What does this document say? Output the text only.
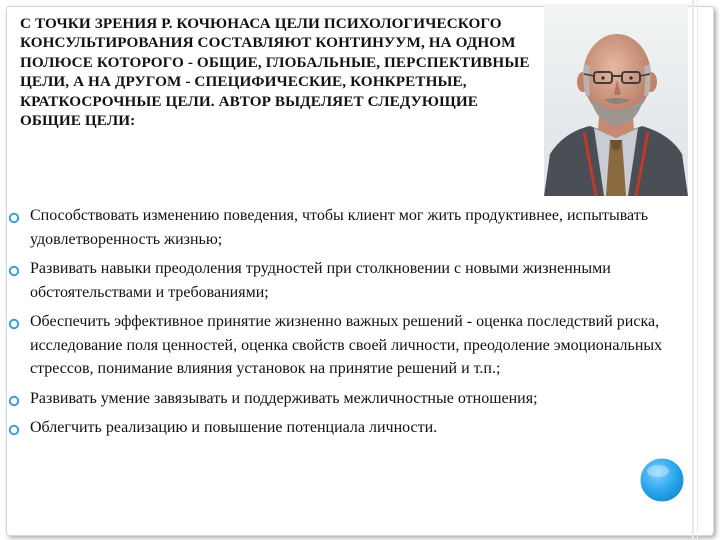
С ТОЧКИ ЗРЕНИЯ Р. КОЧЮНАСА ЦЕЛИ ПСИХОЛОГИЧЕСКОГО КОНСУЛЬТИРОВАНИЯ СОСТАВЛЯЮТ КОНТИНУУМ, НА ОДНОМ ПОЛЮСЕ КОТОРОГО - ОБЩИЕ, ГЛОБАЛЬНЫЕ, ПЕРСПЕКТИВНЫЕ ЦЕЛИ, А НА ДРУГОМ - СПЕЦИФИЧЕСКИЕ, КОНКРЕТНЫЕ, КРАТКОСРОЧНЫЕ ЦЕЛИ. АВТОР ВЫДЕЛЯЕТ СЛЕДУЮЩИЕ ОБЩИЕ ЦЕЛИ:
Способствовать изменению поведения, чтобы клиент мог жить продуктивнее, испытывать удовлетворенность жизнью;
Развивать навыки преодоления трудностей при столкновении с новыми жизненными обстоятельствами и требованиями;
Обеспечить эффективное принятие жизненно важных решений - оценка последствий риска, исследование поля ценностей, оценка свойств своей личности, преодоление эмоциональных стрессов, понимание влияния установок на принятие решений и т.п.;
Развивать умение завязывать и поддерживать межличностные отношения;
Облегчить реализацию и повышение потенциала личности.
